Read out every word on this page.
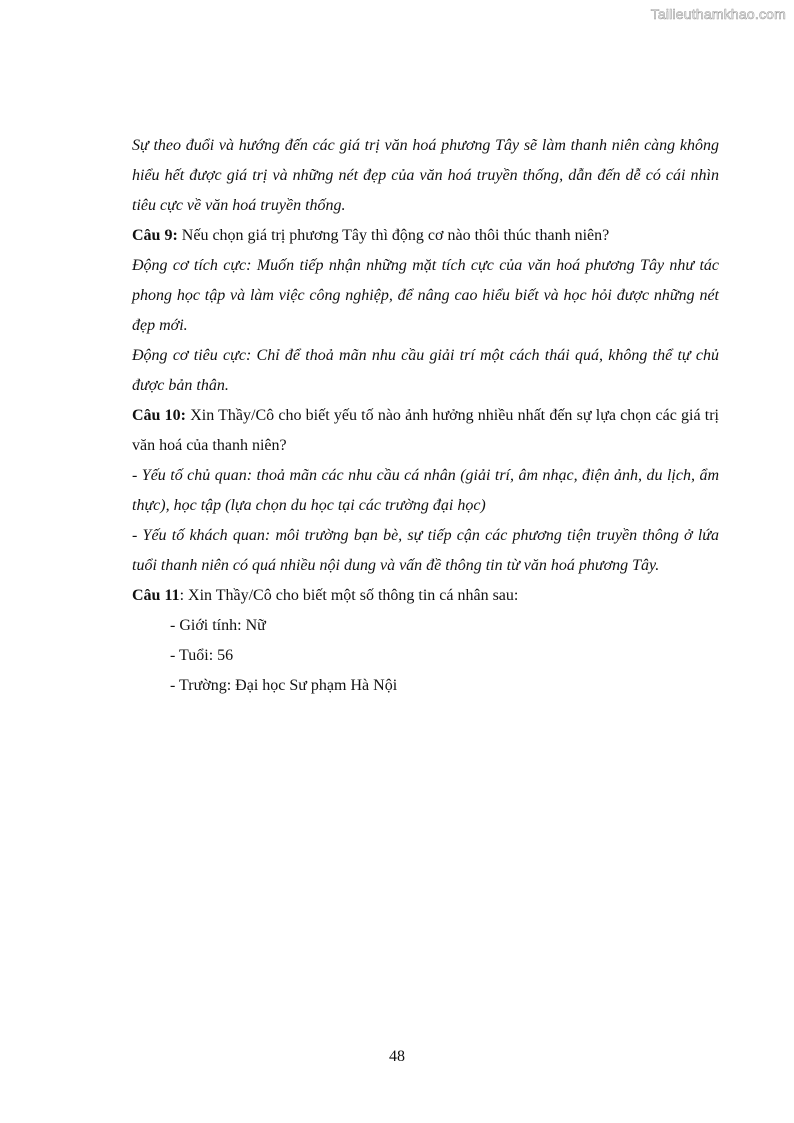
Tailieuthamkhao.com

Sự theo đuổi và hướng đến các giá trị văn hoá phương Tây sẽ làm thanh niên càng không hiểu hết được giá trị và những nét đẹp của văn hoá truyền thống, dẫn đến dễ có cái nhìn tiêu cực về văn hoá truyền thống.

Câu 9: Nếu chọn giá trị phương Tây thì động cơ nào thôi thúc thanh niên?

Động cơ tích cực: Muốn tiếp nhận những mặt tích cực của văn hoá phương Tây như tác phong học tập và làm việc công nghiệp, để nâng cao hiểu biết và học hỏi được những nét đẹp mới.

Động cơ tiêu cực: Chỉ để thoả mãn nhu cầu giải trí một cách thái quá, không thể tự chủ được bản thân.

Câu 10: Xin Thầy/Cô cho biết yếu tố nào ảnh hưởng nhiều nhất đến sự lựa chọn các giá trị văn hoá của thanh niên?

- Yếu tố chủ quan: thoả mãn các nhu cầu cá nhân (giải trí, âm nhạc, điện ảnh, du lịch, ẩm thực), học tập (lựa chọn du học tại các trường đại học)

- Yếu tố khách quan: môi trường bạn bè, sự tiếp cận các phương tiện truyền thông ở lứa tuổi thanh niên có quá nhiều nội dung và vấn đề thông tin từ văn hoá phương Tây.

Câu 11: Xin Thầy/Cô cho biết một số thông tin cá nhân sau:

- Giới tính: Nữ

- Tuổi: 56

- Trường: Đại học Sư phạm Hà Nội

48
